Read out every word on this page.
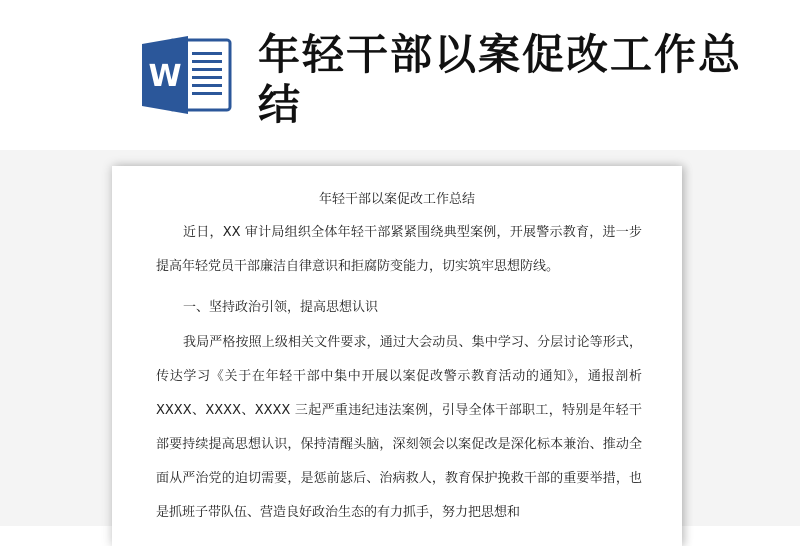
W 年轻干部以案促改工作总结
年轻干部以案促改工作总结
近日，XX 审计局组织全体年轻干部紧紧围绕典型案例，开展警示教育，进一步提高年轻党员干部廉洁自律意识和拒腐防变能力，切实筑牢思想防线。
一、坚持政治引领，提高思想认识
我局严格按照上级相关文件要求，通过大会动员、集中学习、分层讨论等形式，传达学习《关于在年轻干部中集中开展以案促改警示教育活动的通知》，通报剖析 XXXX、XXXX、XXXX 三起严重违纪违法案例，引导全体干部职工，特别是年轻干部要持续提高思想认识，保持清醒头脑，深刻领会以案促改是深化标本兼治、推动全面从严治党的迫切需要，是惩前毖后、治病救人，教育保护挽救干部的重要举措，也是抓班子带队伍、营造良好政治生态的有力抓手，努力把思想和
